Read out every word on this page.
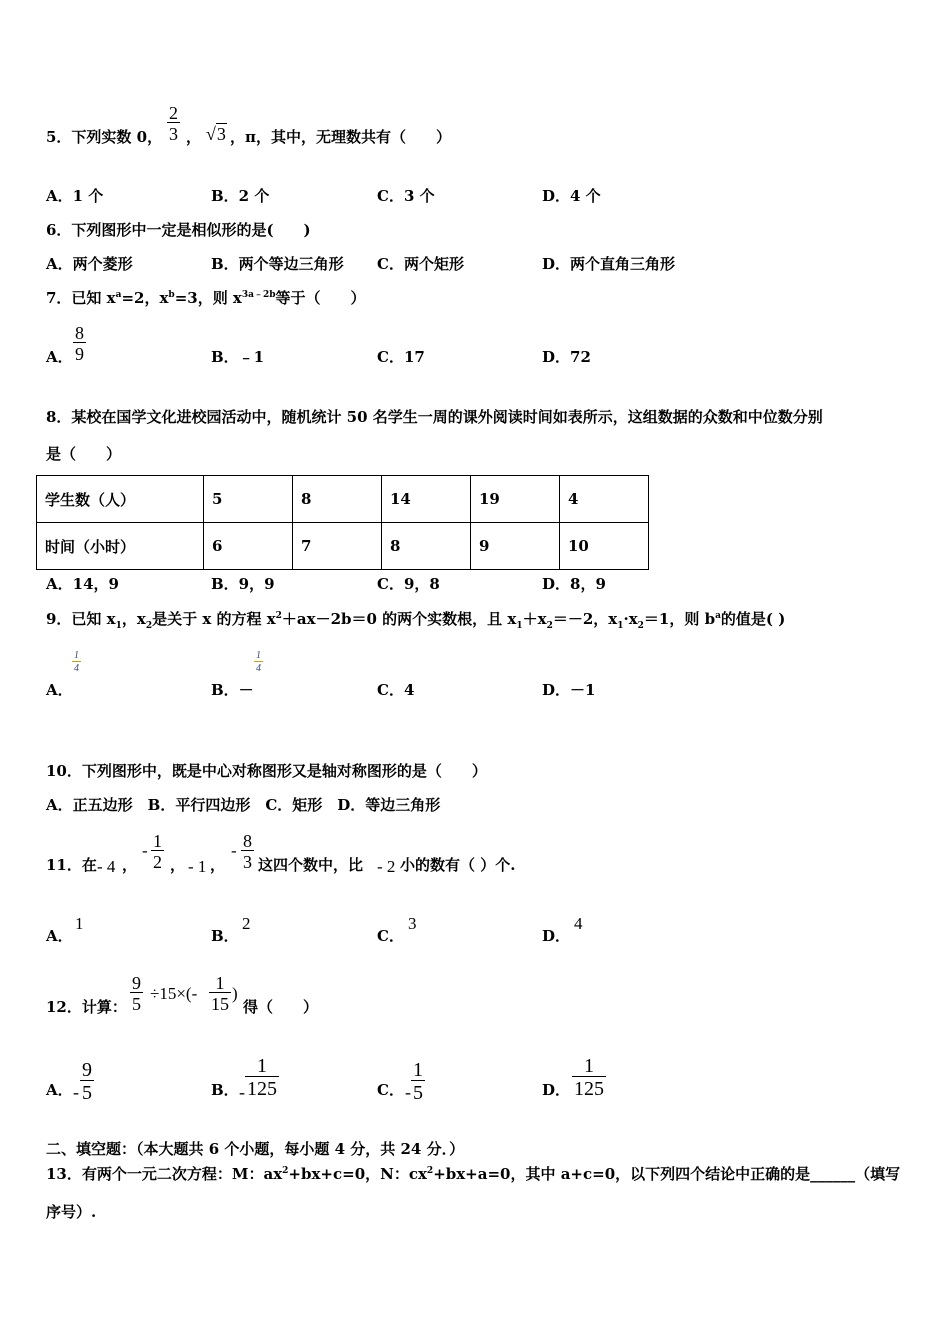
5．下列实数 0， $\frac{2}{3}$ ， √3 ，π，其中，无理数共有（　　）
A．1 个	B．2 个	C．3 个	D．4 个
6．下列图形中一定是相似形的是(　　)
A．两个菱形	B．两个等边三角形 C．两个矩形	D．两个直角三角形
7．已知 $x^a=2$，$x^b=3$，则 $x^{3a﹣2b}$等于（　　）
A． $\frac{8}{9}$	B．﹣1	C．17	D．72
8．某校在国学文化进校园活动中，随机统计 50 名学生一周的课外阅读时间如表所示，这组数据的众数和中位数分别
是（　　）
学生数（人）	5	8	14	19	4
时间（小时）	6	7	8	9	10
A．14，9	B．9，9	C．9，8	D．8，9
9．已知 $x_1$，$x_2$是关于 x 的方程 $x^2+ax-2b=0$ 的两个实数根，且 $x_1+x_2=-2$，$x_1\cdot x_2=1$，则 $b^a$的值是( )
$\frac{1}{4}$
A．
$\frac{1}{4}$
B．－	C．4	D．－1
10．下列图形中，既是中心对称图形又是轴对称图形的是（　　）
A．正五边形　B．平行四边形　C．矩形　D．等边三角形
11．在 - 4 ，
- $\frac{1}{2}$ ， - 1 ，
- $\frac{8}{3}$ 这四个数中，比 - 2 小的数有（ ）个.
A．
1
B．
2
C．
3
D．
4
12．计算： $\frac{9}{5} \div 15\times(- \frac{1}{15}$ )
得（　　）
A． - $\frac{9}{5}$	B． - $\frac{1}{125}$	C． - $\frac{1}{5}$	D． $\frac{1}{125}$
二、填空题：（本大题共 6 个小题，每小题 4 分，共 24 分．）
13．有两个一元二次方程：M：$ax^2+bx+c=0$，N：$cx^2+bx+a=0$，其中 a+c=0，以下列四个结论中正确的是______（填写
序号）.
